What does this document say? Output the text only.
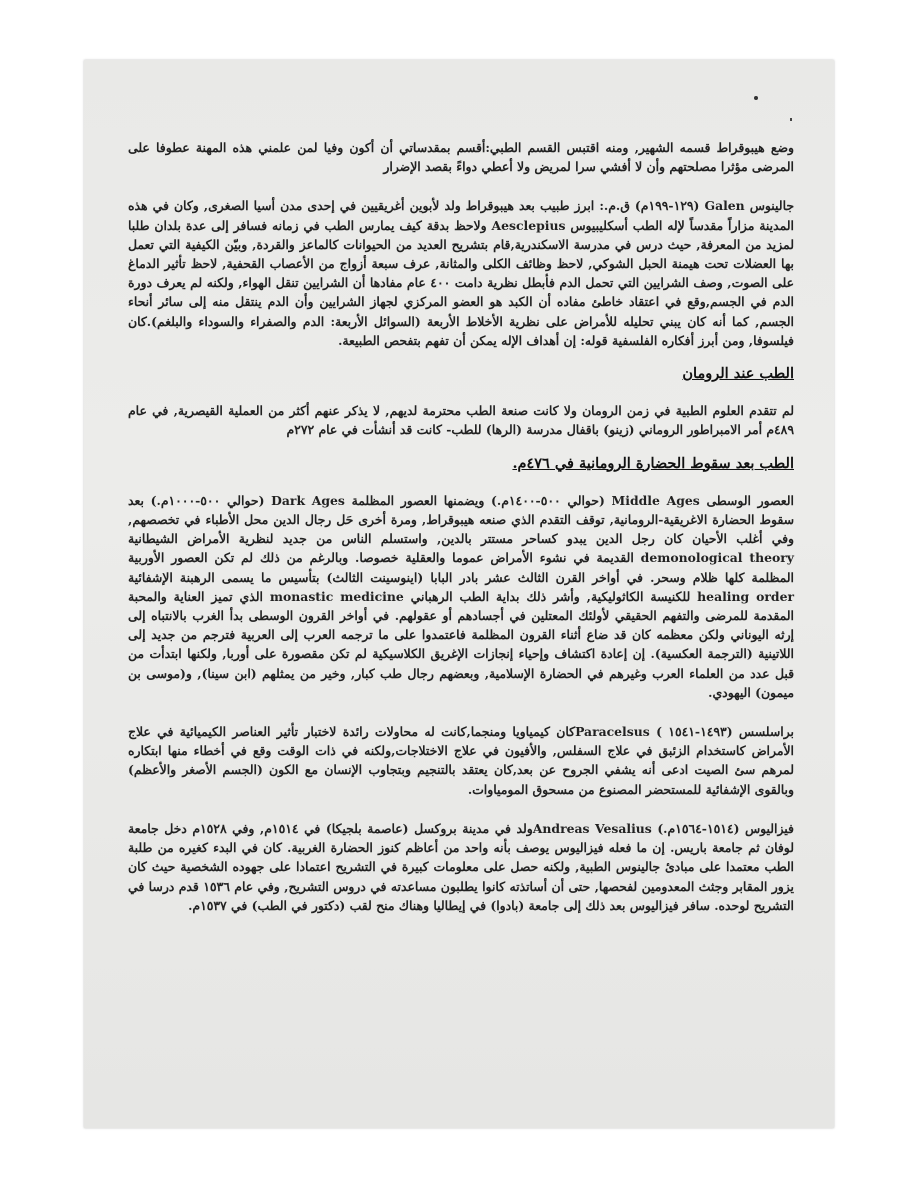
وضع هيبوقراط قسمه الشهير, ومنه اقتبس القسم الطبي:أقسم بمقدساتي أن أكون وفيا لمن علمني هذه المهنة عطوفا على المرضى مؤثرا مصلحتهم وأن لا أفشي سرا لمريض ولا أعطي دواءً بقصد الإضرار

جالينوس Galen (١٢٩-١٩٩م) ق.م.: ابرز طبيب بعد هيبوقراط ولد لأبوين أغريقيين في إحدى مدن أسيا الصغرى, وكان في هذه المدينة مزاراً مقدساً لإله الطب أسكليبيوس Aesclepius ولاحظ بدقة كيف يمارس الطب في زمانه فسافر إلى عدة بلدان طلبا لمزيد من المعرفة, حيث درس في مدرسة الاسكندرية,قام بتشريح العديد من الحيوانات كالماعز والقردة, وبيّن الكيفية التي تعمل بها العضلات تحت هيمنة الحبل الشوكي, لاحظ وظائف الكلى والمثانة, عرف سبعة أزواج من الأعصاب القحفية, لاحظ تأثير الدماغ على الصوت, وصف الشرايين التي تحمل الدم فأبطل نظرية دامت ٤٠٠ عام مفادها أن الشرايين تنقل الهواء, ولكنه لم يعرف دورة الدم في الجسم,وقع في اعتقاد خاطئ مفاده أن الكبد هو العضو المركزي لجهاز الشرايين وأن الدم ينتقل منه إلى سائر أنحاء الجسم, كما أنه كان يبني تحليله للأمراض على نظرية الأخلاط الأربعة (السوائل الأربعة: الدم والصفراء والسوداء والبلغم).كان فيلسوفا, ومن أبرز أفكاره الفلسفية قوله: إن أهداف الإله يمكن أن تفهم بتفحص الطبيعة.

الطب عند الرومان

لم تتقدم العلوم الطبية في زمن الرومان ولا كانت صنعة الطب محترمة لديهم, لا يذكر عنهم أكثر من العملية القيصرية, في عام ٤٨٩م أمر الامبراطور الروماني (زينو) باقفال مدرسة (الرها) للطب- كانت قد أنشأت في عام ٢٧٢م

الطب بعد سقوط الحضارة الرومانية في ٤٧٦م.

العصور الوسطى Middle Ages (حوالي ٥٠٠-١٤٠٠م.) ويضمنها العصور المظلمة Dark Ages (حوالي ٥٠٠-١٠٠٠م.) بعد سقوط الحضارة الاغريقية-الرومانية, توقف التقدم الذي صنعه هيبوقراط, ومرة أخرى حَل رجال الدين محل الأطباء في تخصصهم, وفي أغلب الأحيان كان رجل الدين يبدو كساحر مستتر بالدين, واستسلم الناس من جديد لنظرية الأمراض الشيطانية demonological theory القديمة في نشوء الأمراض عموما والعقلية خصوصا. وبالرغم من ذلك لم تكن العصور الأوربية المظلمة كلها ظلام وسحر. في أواخر القرن الثالث عشر بادر البابا (اينوسينت الثالث) بتأسيس ما يسمى الرهبنة الإشفائية healing order للكنيسة الكاثوليكية, وأشر ذلك بداية الطب الرهباني monastic medicine الذي تميز العناية والمحبة المقدمة للمرضى والتفهم الحقيقي لأولئك المعتلين في أجسادهم أو عقولهم. في أواخر القرون الوسطى بدأ الغرب بالانتباه إلى إرثه اليوناني ولكن معظمه كان قد ضاع أثناء القرون المظلمة فاعتمدوا على ما ترجمه العرب إلى العربية فترجم من جديد إلى اللاتينية (الترجمة العكسية). إن إعادة اكتشاف وإحياء إنجازات الإغريق الكلاسيكية لم تكن مقصورة على أوربا, ولكنها ابتدأت من قبل عدد من العلماء العرب وغيرهم في الحضارة الإسلامية, وبعضهم رجال طب كبار, وخير من يمثلهم (ابن سينا), و(موسى بن ميمون) اليهودي.

براسلسس (١٤٩٣-١٥٤١ ) Paracelsusكان كيمياويا ومنجما,كانت له محاولات رائدة لاختبار تأثير العناصر الكيميائية في علاج الأمراض كاستخدام الزئبق في علاج السفلس, والأفيون في علاج الاختلاجات,ولكنه في ذات الوقت وقع في أخطاء منها ابتكاره لمرهم سئ الصيت ادعى أنه يشفي الجروح عن بعد,كان يعتقد بالتنجيم وبتجاوب الإنسان مع الكون (الجسم الأصغر والأعظم) وبالقوى الإشفائية للمستحضر المصنوع من مسحوق المومياوات.

فيزاليوس (١٥١٤-١٥٦٤م.) Andreas Vesaliusولد في مدينة بروكسل (عاصمة بلجيكا) في ١٥١٤م, وفي ١٥٢٨م دخل جامعة لوفان ثم جامعة باريس. إن ما فعله فيزاليوس يوصف بأنه واحد من أعاظم كنوز الحضارة الغربية. كان في البدء كغيره من طلبة الطب معتمدا على مبادئ جالينوس الطبية, ولكنه حصل على معلومات كبيرة في التشريح اعتمادا على جهوده الشخصية حيث كان يزور المقابر وجثث المعدومين لفحصها, حتى أن أساتذته كانوا يطلبون مساعدته في دروس التشريح, وفي عام ١٥٣٦ قدم درسا في التشريح لوحده. سافر فيزاليوس بعد ذلك إلى جامعة (بادوا) في إيطاليا وهناك منح لقب (دكتور في الطب) في ١٥٣٧م.
